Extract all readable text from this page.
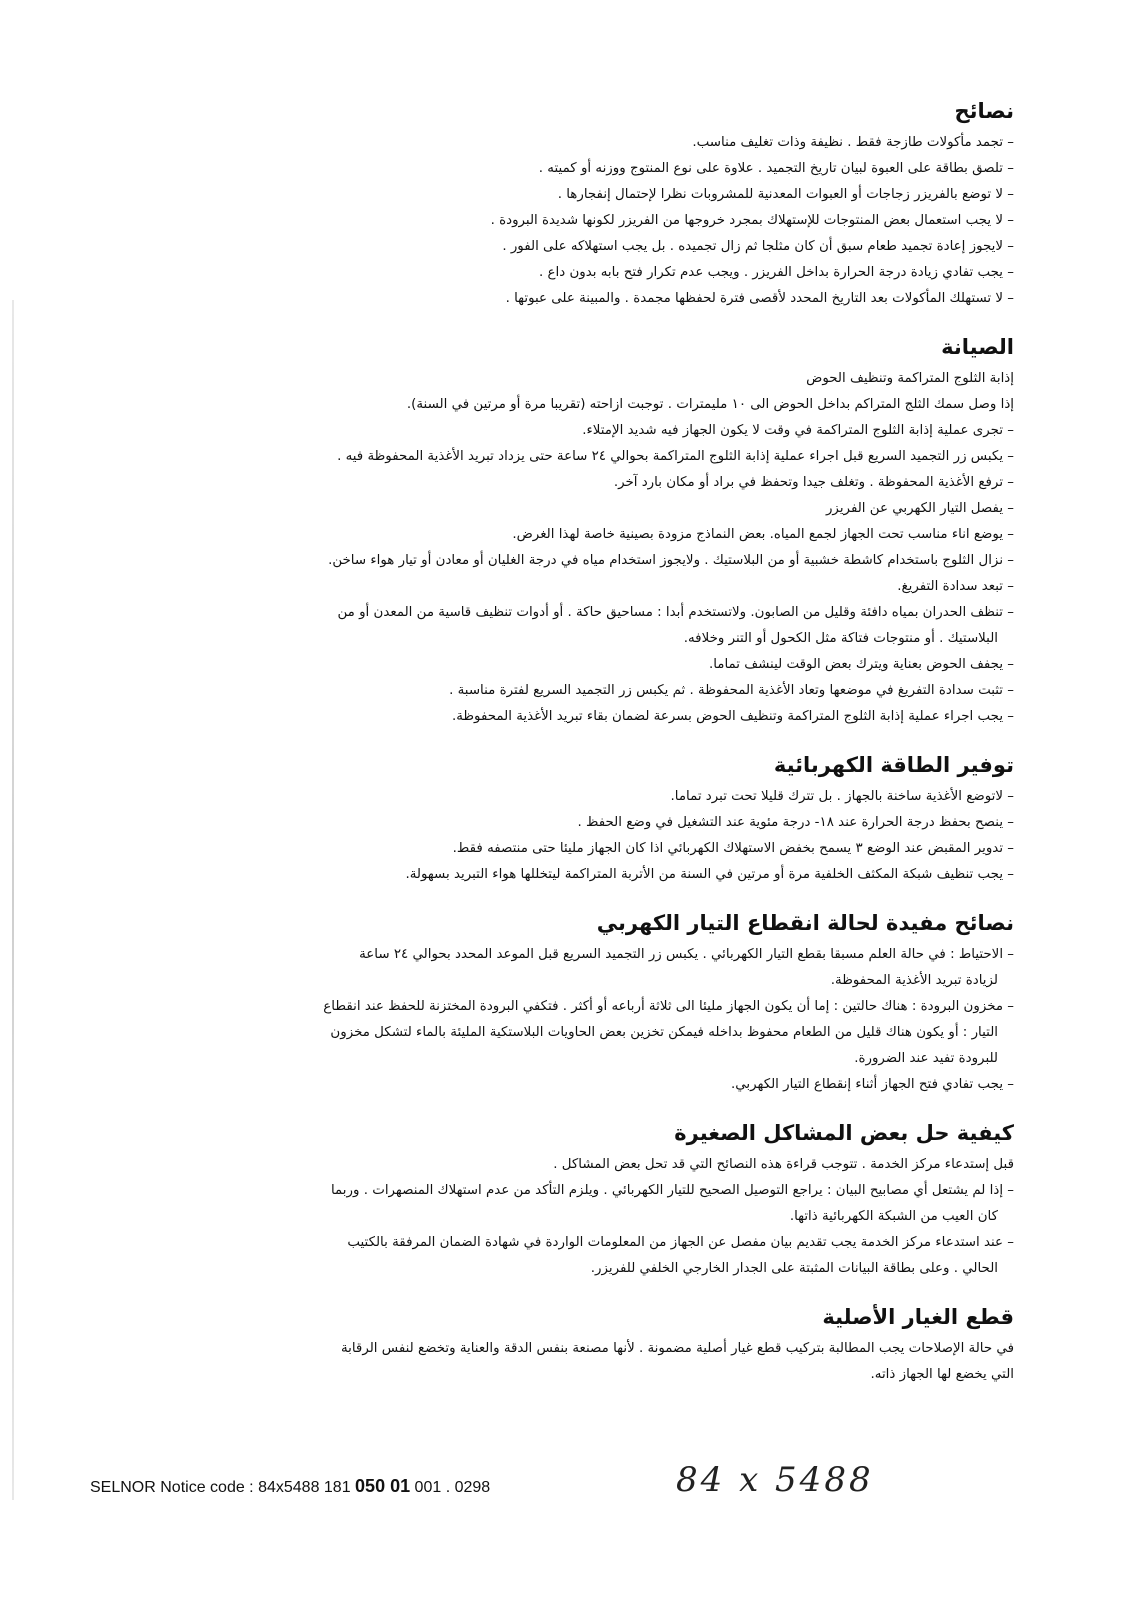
نصائح
– تجمد مأكولات طازجة فقط . نظيفة وذات تغليف مناسب.
– تلصق بطاقة على العبوة لبيان تاريخ التجميد . علاوة على نوع المنتوج ووزنه أو كميته .
– لا توضع بالفريزر زجاجات أو العبوات المعدنية للمشروبات نظرا لإحتمال إنفجارها .
– لا يجب استعمال بعض المنتوجات للإستهلاك بمجرد خروجها من الفريزر لكونها شديدة البرودة .
– لايجوز إعادة تجميد طعام سبق أن كان مثلجا ثم زال تجميده . بل يجب استهلاكه على الفور .
– يجب تفادي زيادة درجة الحرارة بداخل الفريزر . ويجب عدم تكرار فتح بابه بدون داع .
– لا تستهلك المأكولات بعد التاريخ المحدد لأقصى فترة لحفظها مجمدة . والمبينة على عبوتها .
الصيانة
إذابة الثلوج المتراكمة وتنظيف الحوض
إذا وصل سمك الثلج المتراكم بداخل الحوض الى ١٠ مليمترات . توجبت ازاحته (تقريبا مرة أو مرتين في السنة).
– تجرى عملية إذابة الثلوج المتراكمة في وقت لا يكون الجهاز فيه شديد الإمتلاء.
– يكبس زر التجميد السريع قبل اجراء عملية إذابة الثلوج المتراكمة بحوالي ٢٤ ساعة حتى يزداد تبريد الأغذية المحفوظة فيه .
– ترفع الأغذية المحفوظة . وتغلف جيدا وتحفظ في براد أو مكان بارد آخر.
– يفصل التيار الكهربي عن الفريزر
– يوضع اناء مناسب تحت الجهاز لجمع المياه. بعض النماذج مزودة بصينية خاصة لهذا الغرض.
– نزال الثلوج باستخدام كاشطة خشبية أو من البلاستيك . ولايجوز استخدام مياه في درجة الغليان أو معادن أو تيار هواء ساخن.
– تبعد سدادة التفريغ.
– تنظف الحدران بمياه دافئة وقليل من الصابون. ولاتستخدم أبدا : مساحيق حاكة . أو أدوات تنظيف قاسية من المعدن أو من
البلاستيك . أو منتوجات فتاكة مثل الكحول أو التنر وخلافه.
– يجفف الحوض بعناية ويترك بعض الوقت لينشف تماما.
– تثبت سدادة التفريغ في موضعها وتعاد الأغذية المحفوظة . ثم يكبس زر التجميد السريع لفترة مناسبة .
– يجب اجراء عملية إذابة الثلوج المتراكمة وتنظيف الحوض بسرعة لضمان بقاء تبريد الأغذية المحفوظة.
توفير الطاقة الكهربائية
– لاتوضع الأغذية ساخنة بالجهاز . بل تترك قليلا تحت تبرد تماما.
– ينصح بحفظ درجة الحرارة عند ١٨- درجة مئوية عند التشغيل في وضع الحفظ .
– تدوير المقبض عند الوضع ٣ يسمح بخفض الاستهلاك الكهربائي اذا كان الجهاز مليئا حتى منتصفه فقط.
– يجب تنظيف شبكة المكثف الخلفية مرة أو مرتين في السنة من الأتربة المتراكمة ليتخللها هواء التبريد بسهولة.
نصائح مفيدة لحالة انقطاع التيار الكهربي
– الاحتياط : في حالة العلم مسبقا بقطع التيار الكهربائي . يكبس زر التجميد السريع قبل الموعد المحدد بحوالي ٢٤ ساعة
لزيادة تبريد الأغذية المحفوظة.
– مخزون البرودة : هناك حالتين : إما أن يكون الجهاز مليئا الى ثلاثة أرباعه أو أكثر . فتكفي البرودة المختزنة للحفظ عند انقطاع
التيار : أو يكون هناك قليل من الطعام محفوظ بداخله فيمكن تخزين بعض الحاويات البلاستكية المليئة بالماء لتشكل مخزون
للبرودة تفيد عند الضرورة.
– يجب تفادي فتح الجهاز أثناء إنقطاع التيار الكهربي.
كيفية حل بعض المشاكل الصغيرة
قبل إستدعاء مركز الخدمة . تتوجب قراءة هذه النصائح التي قد تحل بعض المشاكل .
– إذا لم يشتعل أي مصابيح البيان : يراجع التوصيل الصحيح للتيار الكهربائي . ويلزم التأكد من عدم استهلاك المنصهرات . وربما
كان العيب من الشبكة الكهربائية ذاتها.
– عند استدعاء مركز الخدمة يجب تقديم بيان مفصل عن الجهاز من المعلومات الواردة في شهادة الضمان المرفقة بالكتيب
الحالي . وعلى بطاقة البيانات المثبتة على الجدار الخارجي الخلفي للفريزر.
قطع الغيار الأصلية
في حالة الإصلاحات يجب المطالبة بتركيب قطع غيار أصلية مضمونة . لأنها مصنعة بنفس الدقة والعناية وتخضع لنفس الرقابة
التي يخضع لها الجهاز ذاته.
SELNOR Notice code : 84x5488 181 050 01 001 . 0298	84 x 5488
